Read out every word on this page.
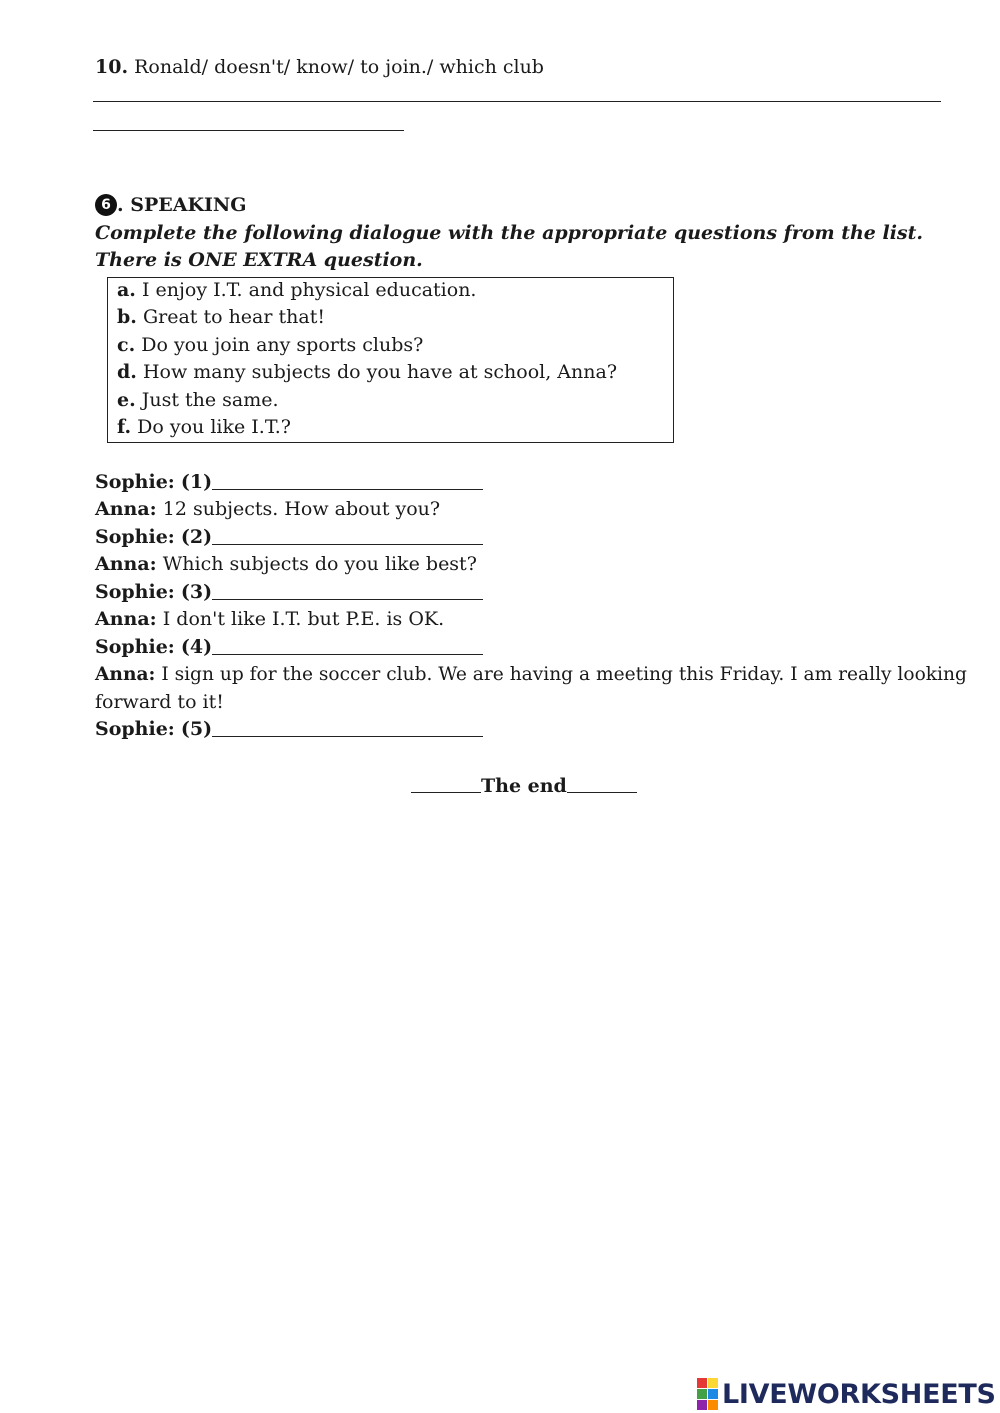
10. Ronald/ doesn't/ know/ to join./ which club
6 . SPEAKING
Complete the following dialogue with the appropriate questions from the list.
There is ONE EXTRA question.
a. I enjoy I.T. and physical education.
b. Great to hear that!
c. Do you join any sports clubs?
d. How many subjects do you have at school, Anna?
e. Just the same.
f. Do you like I.T.?
Sophie: (1)
Anna: 12 subjects. How about you?
Sophie: (2)
Anna: Which subjects do you like best?
Sophie: (3)
Anna: I don't like I.T. but P.E. is OK.
Sophie: (4)
Anna: I sign up for the soccer club. We are having a meeting this Friday. I am really looking
forward to it!
Sophie: (5)
The end
LIVEWORKSHEETS
